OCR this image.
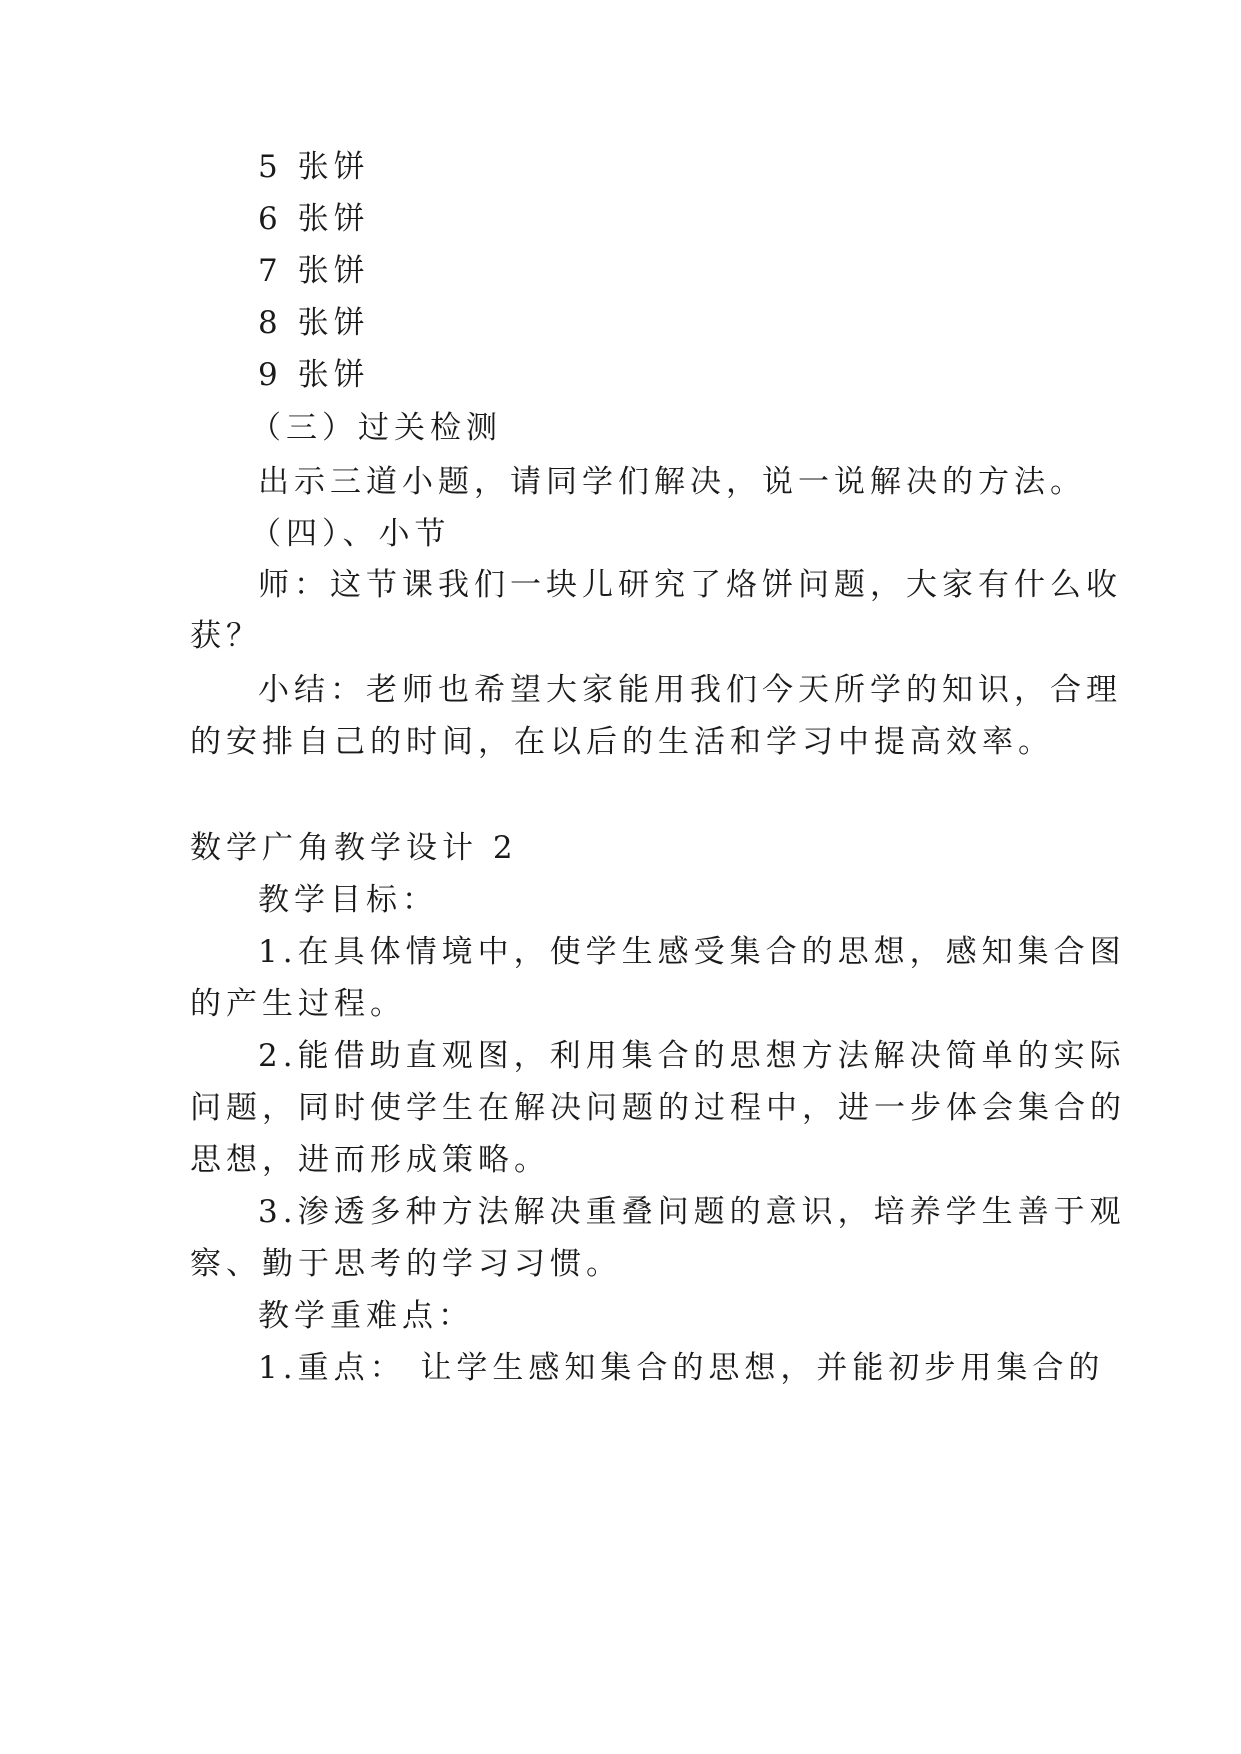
5 张饼

6 张饼

7 张饼

8 张饼

9 张饼

（三）过关检测

出示三道小题，请同学们解决，说一说解决的方法。

（四）、小节

师：这节课我们一块儿研究了烙饼问题，大家有什么收

获？

小结：老师也希望大家能用我们今天所学的知识，合理

的安排自己的时间，在以后的生活和学习中提高效率。

数学广角教学设计 2

教学目标：

1.在具体情境中，使学生感受集合的思想，感知集合图

的产生过程。

2.能借助直观图，利用集合的思想方法解决简单的实际

问题，同时使学生在解决问题的过程中，进一步体会集合的

思想，进而形成策略。

3.渗透多种方法解决重叠问题的意识，培养学生善于观

察、勤于思考的学习习惯。

教学重难点：

1.重点： 让学生感知集合的思想，并能初步用集合的
